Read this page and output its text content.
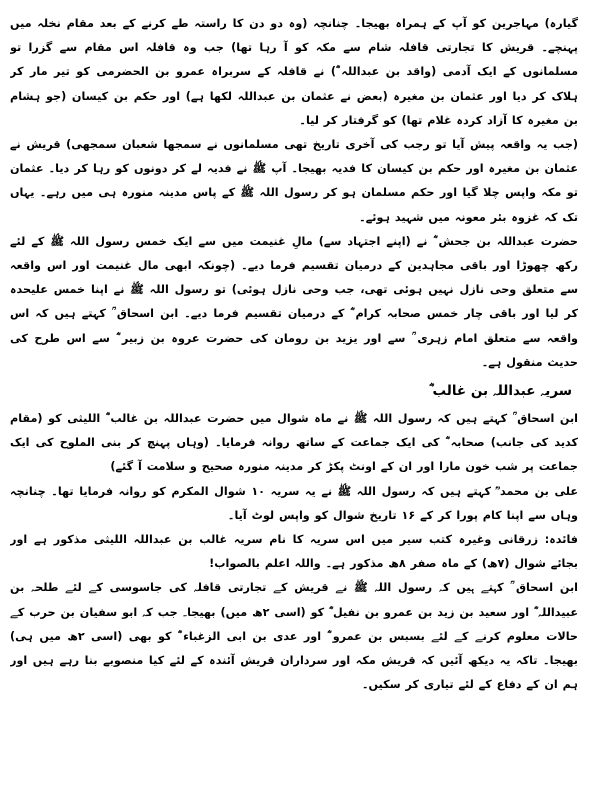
گیارہ) مہاجرین کو آپ کے ہمراہ بھیجا۔ چنانچہ (وہ دو دن کا راستہ طے کرنے کے بعد مقام نخلہ میں پہنچے۔ قریش کا تجارتی قافلہ شام سے مکہ کو آ رہا تھا) جب وہ قافلہ اس مقام سے گزرا تو مسلمانوں کے ایک آدمی (واقد بن عبداللہ ؓ) نے قافلہ کے سربراہ عمرو بن الحضرمی کو تیر مار کر ہلاک کر دیا اور عثمان بن مغیرہ (بعض نے عثمان بن عبداللہ لکھا ہے) اور حکم بن کیسان (جو ہشام بن مغیرہ کا آزاد کردہ غلام تھا) کو گرفتار کر لیا۔

(جب یہ واقعہ پیش آیا تو رجب کی آخری تاریخ تھی مسلمانوں نے سمجھا شعبان سمجھی) قریش نے عثمان بن مغیرہ اور حکم بن کیسان کا فدیہ بھیجا۔ آپ ﷺ نے فدیہ لے کر دونوں کو رہا کر دیا۔ عثمان تو مکہ واپس چلا گیا اور حکم مسلمان ہو کر رسول اللہ ﷺ کے پاس مدینہ منورہ ہی میں رہے۔ یہاں تک کہ غزوہ بئر معونہ میں شہید ہوئے۔

حضرت عبداللہ بن جحش ؓ نے (اپنے اجتہاد سے) مالِ غنیمت میں سے ایک خمس رسول اللہ ﷺ کے لئے رکھ چھوڑا اور باقی مجاہدین کے درمیان تقسیم فرما دیے۔ (چونکہ ابھی مال غنیمت اور اس واقعہ سے متعلق وحی نازل نہیں ہوئی تھی، جب وحی نازل ہوئی) تو رسول اللہ ﷺ نے اپنا خمس علیحدہ کر لیا اور باقی چار خمس صحابہ کرام ؓ کے درمیان تقسیم فرما دیے۔ ابن اسحاق ؒ کہتے ہیں کہ اس واقعہ سے متعلق امام زہری ؒ سے اور یزید بن رومان کی حضرت عروہ بن زبیر ؓ سے اس طرح کی حدیث منقول ہے۔

سریہ عبداللہ بن غالب ؓ

ابن اسحاق ؒ کہتے ہیں کہ رسول اللہ ﷺ نے ماہ شوال میں حضرت عبداللہ بن غالب ؓ اللیثی کو (مقام کدید کی جانب) صحابہ ؓ کی ایک جماعت کے ساتھ روانہ فرمایا۔ (وہاں پہنچ کر بنی الملوح کی ایک جماعت پر شب خون مارا اور ان کے اونٹ پکڑ کر مدینہ منورہ صحیح و سلامت آ گئے)

علی بن محمد ؒ کہتے ہیں کہ رسول اللہ ﷺ نے یہ سریہ ۱۰ شوال المکرم کو روانہ فرمایا تھا۔ چنانچہ وہاں سے اپنا کام پورا کر کے ۱۶ تاریخ شوال کو واپس لوٹ آیا۔

فائدہ: زرقانی وغیرہ کتب سیر میں اس سریہ کا نام سریہ غالب بن عبداللہ اللیثی مذکور ہے اور بجائے شوال (۷ھ) کے ماہ صفر ۸ھ مذکور ہے۔ واللہ اعلم بالصواب!

ابن اسحاق ؒ کہتے ہیں کہ رسول اللہ ﷺ نے قریش کے تجارتی قافلہ کی جاسوسی کے لئے طلحہ بن عبیداللہ ؓ اور سعید بن زید بن عمرو بن نفیل ؓ کو (اسی ۲ھ میں) بھیجا۔ جب کہ ابو سفیان بن حرب کے حالات معلوم کرنے کے لئے بسبس بن عمرو ؓ اور عدی بن ابی الزغباء ؓ کو بھی (اسی ۲ھ میں ہی) بھیجا۔ تاکہ یہ دیکھ آئیں کہ قریش مکہ اور سرداران قریش آئندہ کے لئے کیا منصوبے بنا رہے ہیں اور ہم ان کے دفاع کے لئے تیاری کر سکیں۔
